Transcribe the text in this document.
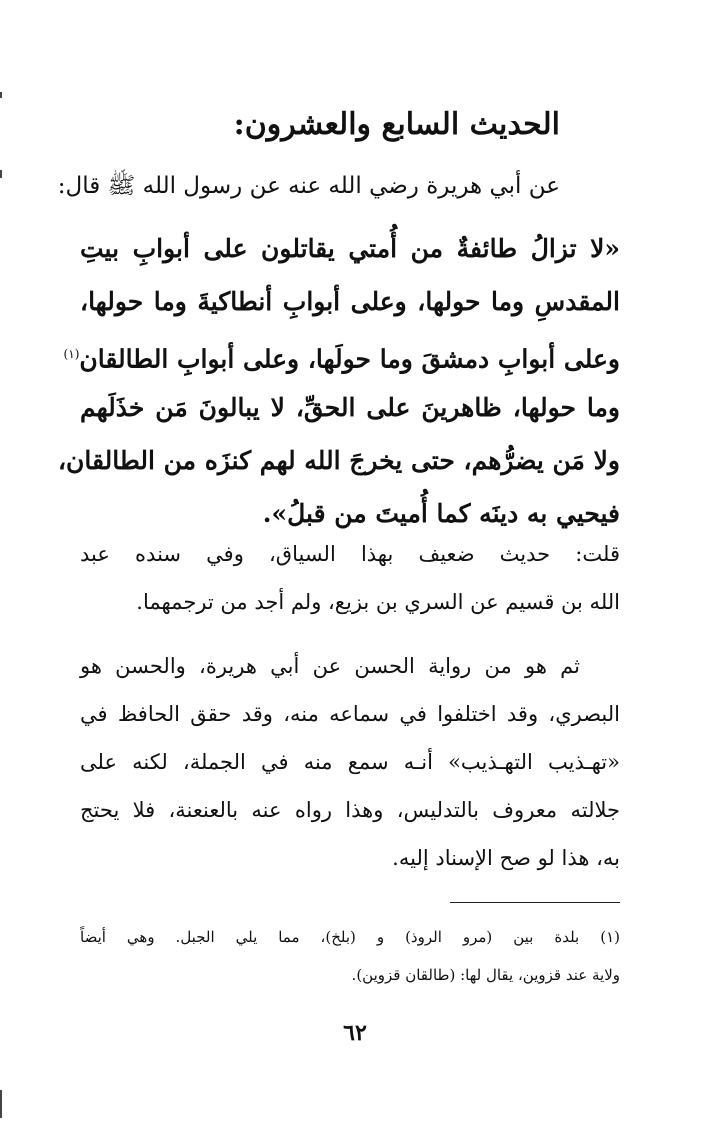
الحديث السابع والعشرون:
عن أبي هريرة رضي الله عنه عن رسول الله ﷺ قال:
«لا تزالُ طائفةٌ من أُمتي يقاتلون على أبوابِ بيتِ
المقدسِ وما حولها، وعلى أبوابِ أنطاكيةَ وما حولها،
وعلى أبوابِ دمشقَ وما حولَها، وعلى أبوابِ الطالقان$^{(١)}$
وما حولها، ظاهرينَ على الحقِّ، لا يبالونَ مَن خذَلَهم
ولا مَن يضرُّهم، حتى يخرجَ الله لهم كنزَه من الطالقان،
فيحيي به دينَه كما أُميتَ من قبلُ».
قلت: حديث ضعيف بهذا السياق، وفي سنده عبد
الله بن قسيم عن السري بن بزيع، ولم أجد من ترجمهما.
ثم هو من رواية الحسن عن أبي هريرة، والحسن هو
البصري، وقد اختلفوا في سماعه منه، وقد حقق الحافظ في
«تهـذيب التهـذيب» أنـه سمع منه في الجملة، لكنه على
جلالته معروف بالتدليس، وهذا رواه عنه بالعنعنة، فلا يحتج
به، هذا لو صح الإسناد إليه.
(١) بلدة بين (مرو الروذ) و (بلخ)، مما يلي الجبل. وهي أيضاً
ولاية عند قزوين، يقال لها: (طالقان قزوين).
٦٢
